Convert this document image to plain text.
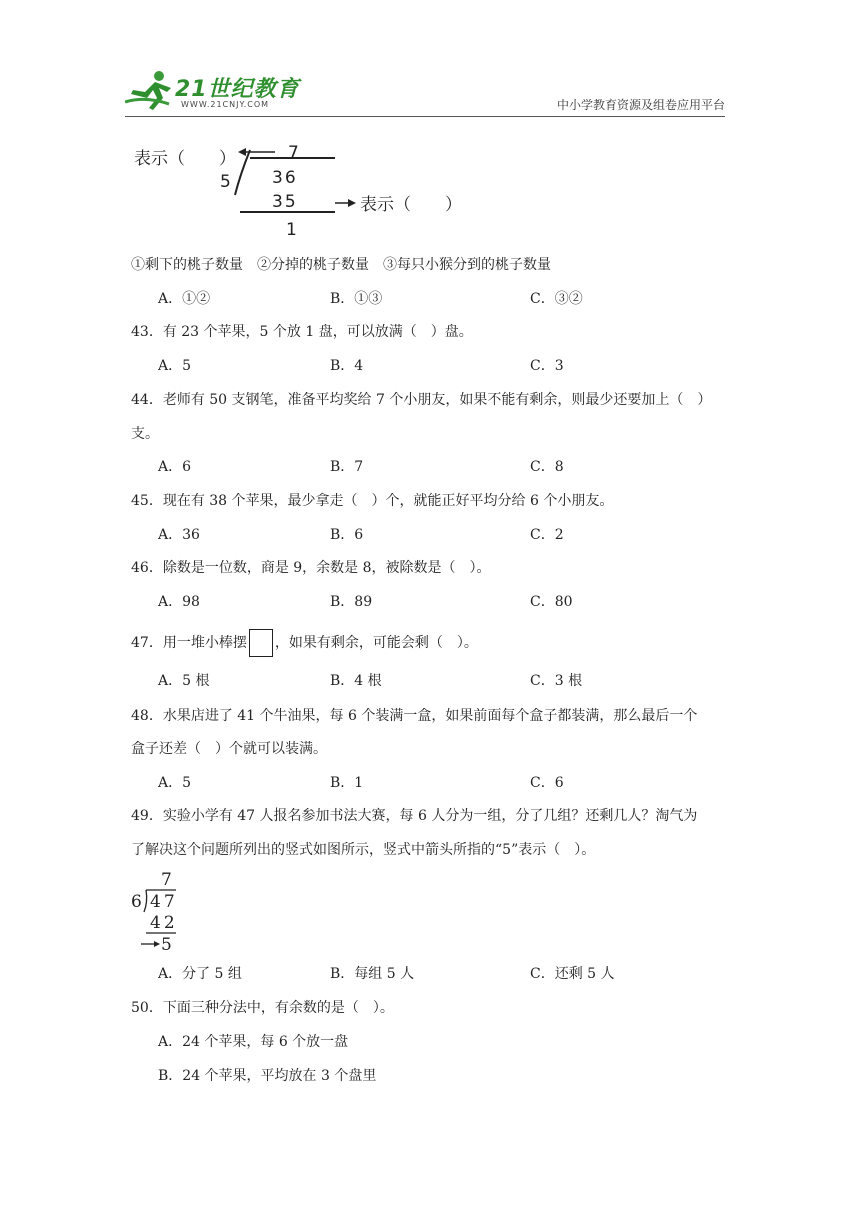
21世纪教育
WWW.21CNJY.COM	中小学教育资源及组卷应用平台
表示（　　）	7
5 36
35	表示（　　）
1
①剩下的桃子数量　②分掉的桃子数量　③每只小猴分到的桃子数量
A．①②	B．①③	C．③②
43．有 23 个苹果，5 个放 1 盘，可以放满（　）盘。
A．5	B．4	C．3
44．老师有 50 支钢笔，准备平均奖给 7 个小朋友，如果不能有剩余，则最少还要加上（　）
支。
A．6	B．7	C．8
45．现在有 38 个苹果，最少拿走（　）个，就能正好平均分给 6 个小朋友。
A．36	B．6	C．2
46．除数是一位数，商是 9，余数是 8，被除数是（　）。
A．98	B．89	C．80
47．用一堆小棒摆 ，如果有剩余，可能会剩（　）。
A．5 根	B．4 根	C．3 根
48．水果店进了 41 个牛油果，每 6 个装满一盒，如果前面每个盒子都装满，那么最后一个
盒子还差（　）个就可以装满。
A．5	B．1	C．6
49．实验小学有 47 人报名参加书法大赛，每 6 人分为一组，分了几组？还剩几人？淘气为
了解决这个问题所列出的竖式如图所示，竖式中箭头所指的“5”表示（　）。
7
6 47
42
5
A．分了 5 组	B．每组 5 人	C．还剩 5 人
50．下面三种分法中，有余数的是（　）。
A．24 个苹果，每 6 个放一盘
B．24 个苹果，平均放在 3 个盘里
